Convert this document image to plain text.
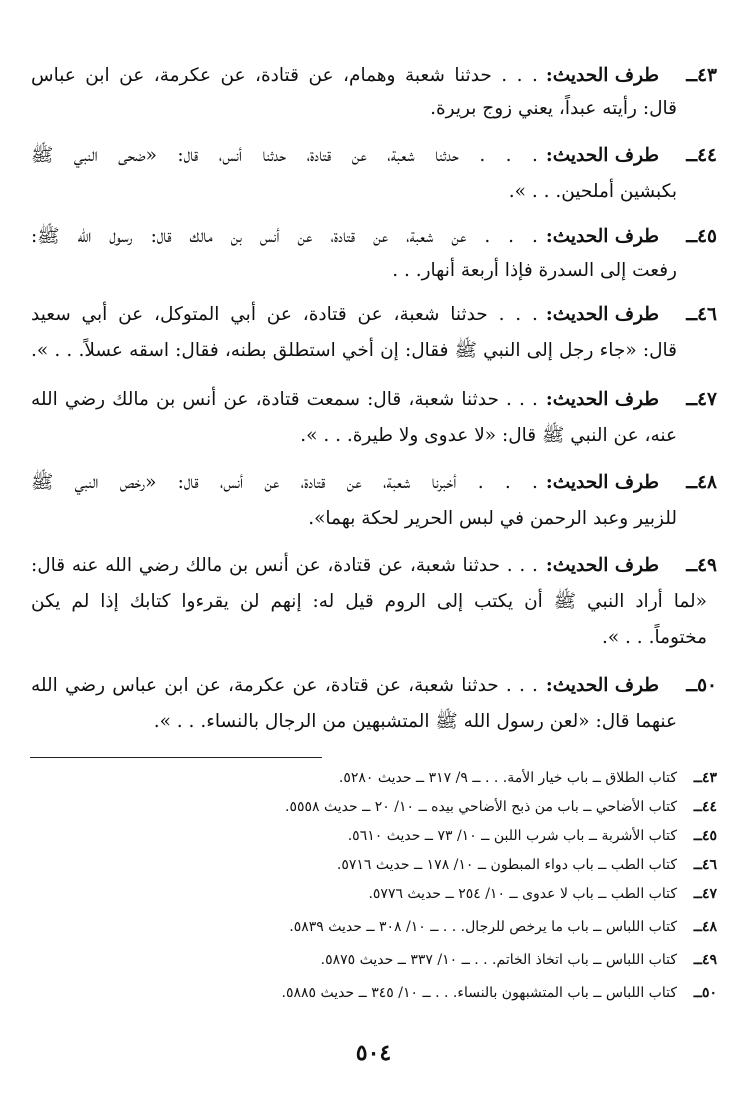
٤٣ــ
طرف الحديث:
. . . حدثنا شعبة وهمام، عن قتادة، عن عكرمة، عن ابن عباس
قال: رأيته عبداً، يعني زوج بريرة.
٤٤ــ
طرف الحديث:
. . . حدثنا شعبة، عن قتادة، حدثنا أنس، قال: «ضحى النبي ﷺ
بكبشين أملحين. . . ».
٤٥ــ
طرف الحديث:
. . . عن شعبة، عن قتادة، عن أنس بن مالك قال: رسول الله ﷺ:
رفعت إلى السدرة فإذا أربعة أنهار. . .
٤٦ــ
طرف الحديث:
. . . حدثنا شعبة، عن قتادة، عن أبي المتوكل، عن أبي سعيد
قال: «جاء رجل إلى النبي ﷺ فقال: إن أخي استطلق بطنه، فقال: اسقه عسلاً. . . ».
٤٧ــ
طرف الحديث:
. . . حدثنا شعبة، قال: سمعت قتادة، عن أنس بن مالك رضي الله
عنه، عن النبي ﷺ قال: «لا عدوى ولا طيرة. . . ».
٤٨ــ
طرف الحديث:
. . . أخبرنا شعبة، عن قتادة، عن أنس، قال: «رخص النبي ﷺ
للزبير وعبد الرحمن في لبس الحرير لحكة بهما».
٤٩ــ
طرف الحديث:
. . . حدثنا شعبة، عن قتادة، عن أنس بن مالك رضي الله عنه قال:
«لما أراد النبي ﷺ أن يكتب إلى الروم قيل له: إنهم لن يقرءوا كتابك إذا لم يكن
مختوماً. . . ».
٥٠ــ
طرف الحديث:
. . . حدثنا شعبة، عن قتادة، عن عكرمة، عن ابن عباس رضي الله
عنهما قال: «لعن رسول الله ﷺ المتشبهين من الرجال بالنساء. . . ».
٤٣ــكتاب الطلاق ــ باب خيار الأمة. . . ــ ٩/ ٣١٧ ــ حديث ٥٢٨٠.
٤٤ــكتاب الأضاحي ــ باب من ذبح الأضاحي بيده ــ ١٠/ ٢٠ ــ حديث ٥٥٥٨.
٤٥ــكتاب الأشربة ــ باب شرب اللبن ــ ١٠/ ٧٣ ــ حديث ٥٦١٠.
٤٦ــكتاب الطب ــ باب دواء المبطون ــ ١٠/ ١٧٨ ــ حديث ٥٧١٦.
٤٧ــكتاب الطب ــ باب لا عدوى ــ ١٠/ ٢٥٤ ــ حديث ٥٧٧٦.
٤٨ــكتاب اللباس ــ باب ما يرخص للرجال. . . ــ ١٠/ ٣٠٨ ــ حديث ٥٨٣٩.
٤٩ــكتاب اللباس ــ باب اتخاذ الخاتم. . . ــ ١٠/ ٣٣٧ ــ حديث ٥٨٧٥.
٥٠ــكتاب اللباس ــ باب المتشبهون بالنساء. . . ــ ١٠/ ٣٤٥ ــ حديث ٥٨٨٥.
٥٠٤
